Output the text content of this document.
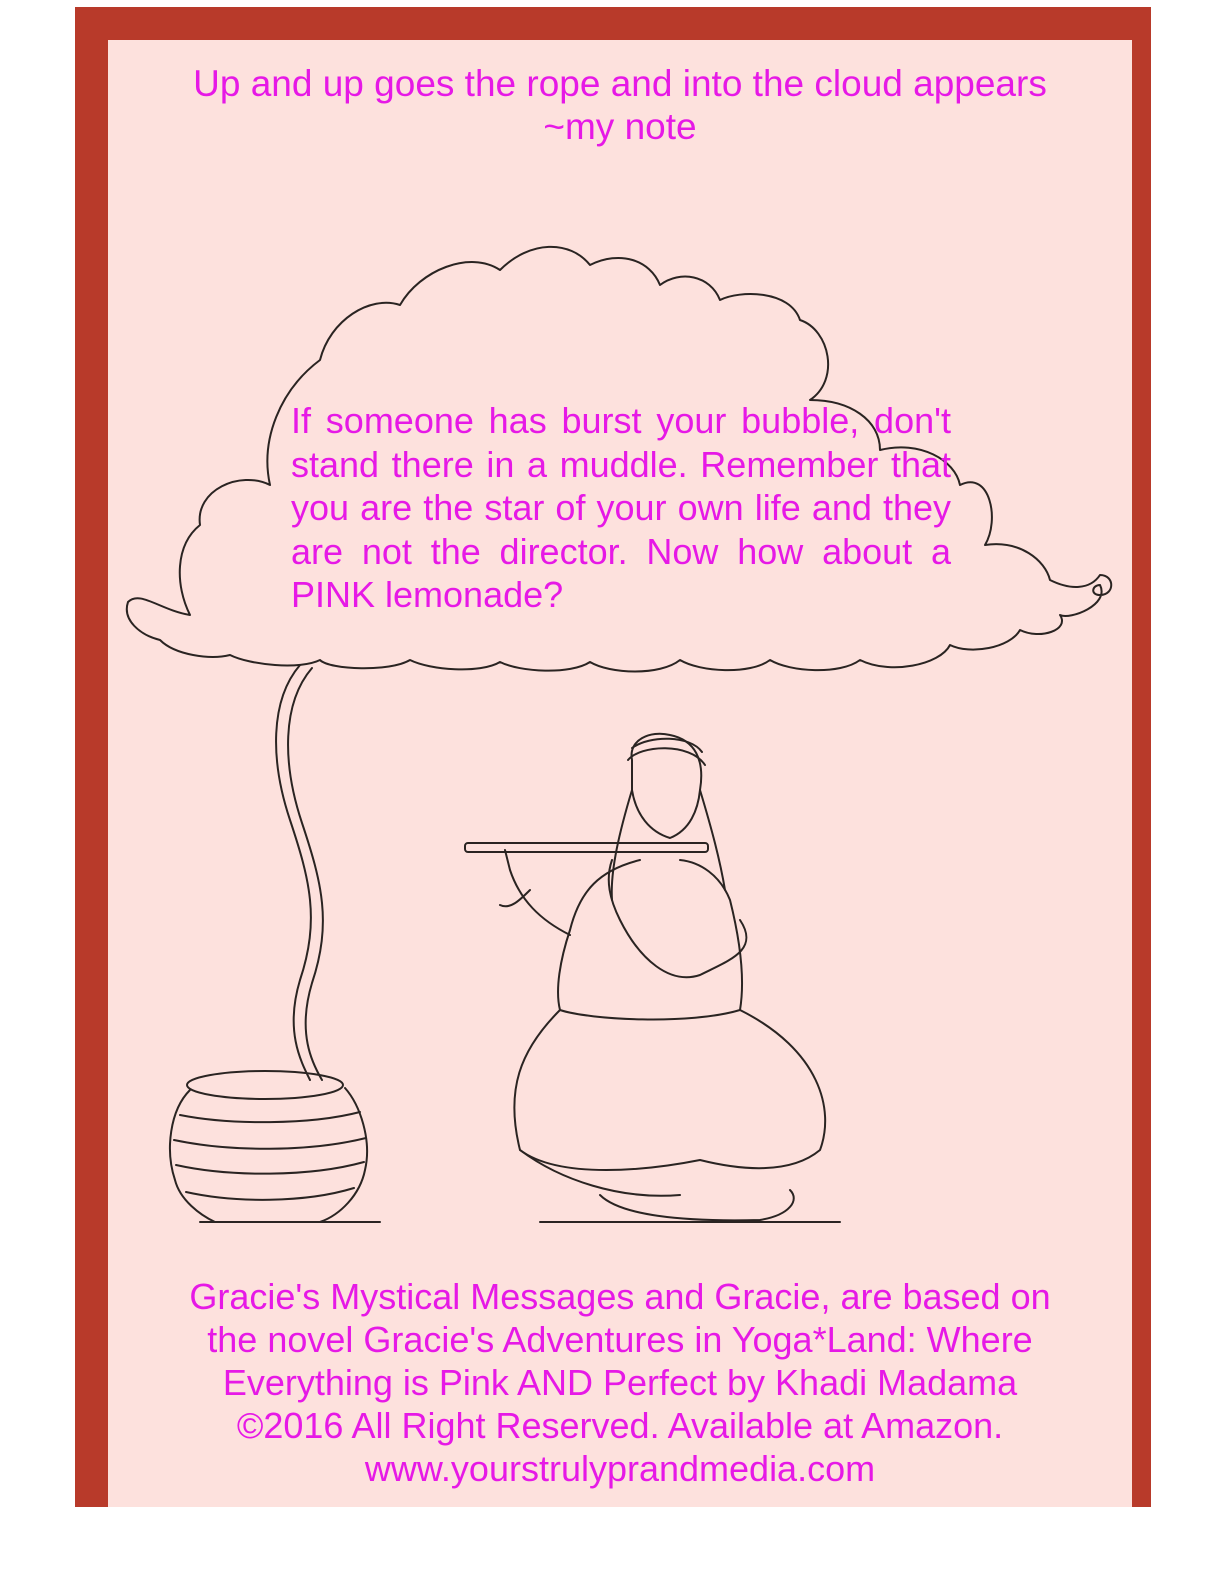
Up and up goes the rope and into the cloud appears
~my note
If someone has burst your bubble, don't stand there in a muddle. Remember that you are the star of your own life and they are not the director. Now how about a PINK lemonade?
Gracie's Mystical Messages and Gracie, are based on
the novel Gracie's Adventures in Yoga*Land: Where
Everything is Pink AND Perfect by Khadi Madama
©2016 All Right Reserved. Available at Amazon.
www.yourstrulyprandmedia.com
